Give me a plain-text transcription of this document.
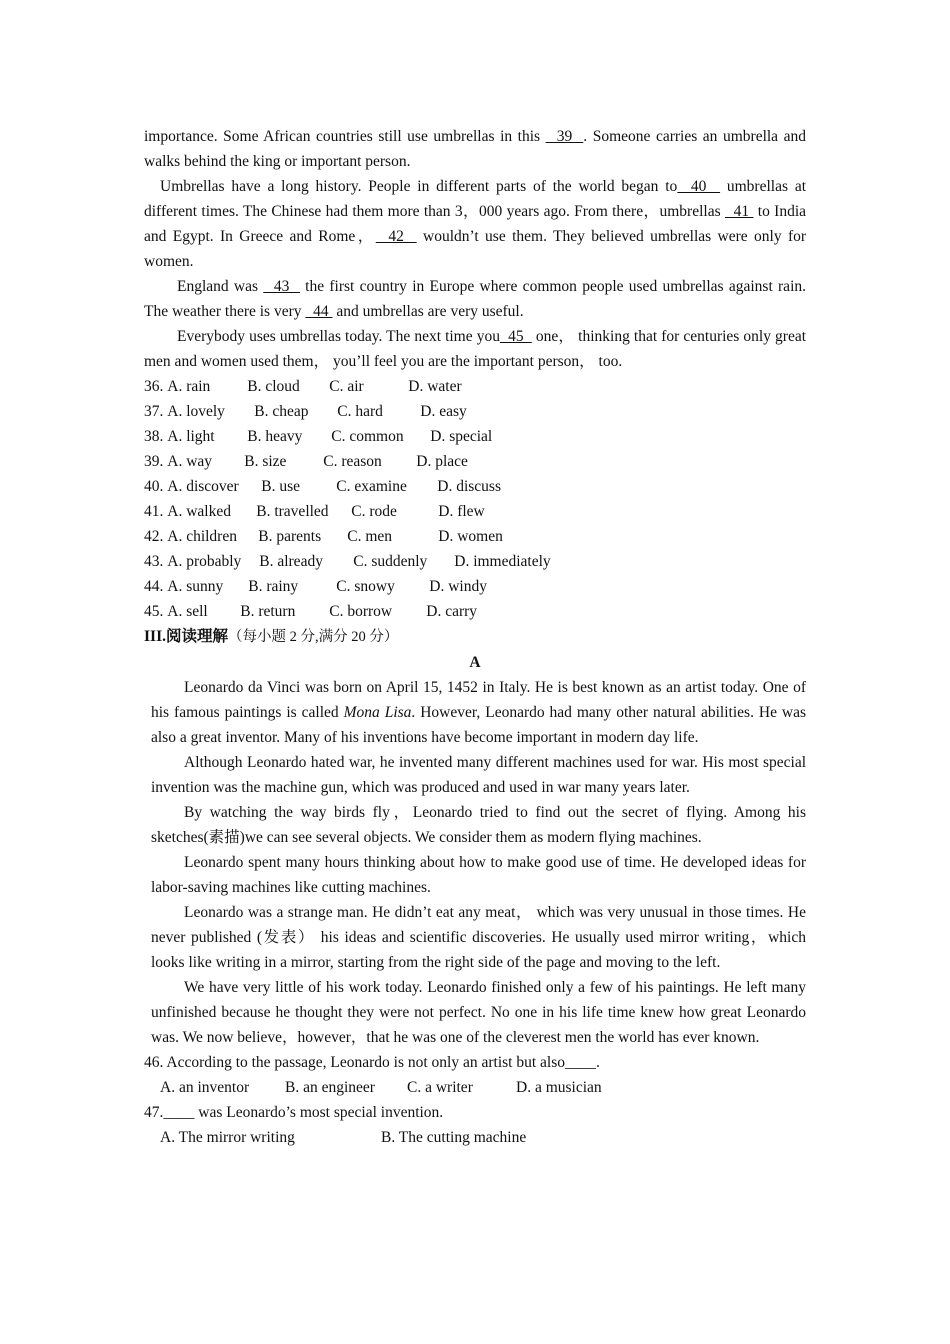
importance. Some African countries still use umbrellas in this   39  . Someone carries an umbrella and walks behind the king or important person.

Umbrellas have a long history. People in different parts of the world began to  40   umbrellas at different times. The Chinese had them more than 3，000 years ago. From there，umbrellas   41  to India and Egypt. In Greece and Rome，  42   wouldn’t use them. They believed umbrellas were only for women.

England was   43   the first country in Europe where common people used umbrellas against rain. The weather there is very   44  and umbrellas are very useful.

Everybody uses umbrellas today. The next time you  45   one， thinking that for centuries only great men and women used them， you’ll feel you are the important person， too.

36. A. rain B. cloud C. air	D. water

37. A. lovely B. cheap C. hard D. easy

38. A. light B. heavy C. common D. special

39. A. way B. size C. reason D. place

40. A. discover B. use C. examine D. discuss

41. A. walked B. travelled C. rode	D. flew

42. A. children B. parents C. men	D. women

43. A. probably B. already C. suddenly D. immediately

44. A. sunny B. rainy C. snowy D. windy

45. A. sell B. return C. borrow D. carry

III.阅读理解（每小题 2 分,满分 20 分）

A

Leonardo da Vinci was born on April 15, 1452 in Italy. He is best known as an artist today. One of his famous paintings is called Mona Lisa. However, Leonardo had many other natural abilities. He was also a great inventor. Many of his inventions have become important in modern day life.

Although Leonardo hated war, he invented many different machines used for war. His most special invention was the machine gun, which was produced and used in war many years later.

By watching the way birds fly，Leonardo tried to find out the secret of flying. Among his sketches(素描)we can see several objects. We consider them as modern flying machines.

Leonardo spent many hours thinking about how to make good use of time. He developed ideas for labor-saving machines like cutting machines.

Leonardo was a strange man. He didn’t eat any meat， which was very unusual in those times. He never published (发表） his ideas and scientific discoveries. He usually used mirror writing，which looks like writing in a mirror, starting from the right side of the page and moving to the left.

We have very little of his work today. Leonardo finished only a few of his paintings. He left many unfinished because he thought they were not perfect. No one in his life time knew how great Leonardo was. We now believe，however，that he was one of the cleverest men the world has ever known.

46. According to the passage, Leonardo is not only an artist but also____.

A. an inventor B. an engineer C. a writer	D. a musician

47.____ was Leonardo’s most special invention.

A. The mirror writing	B. The cutting machine
